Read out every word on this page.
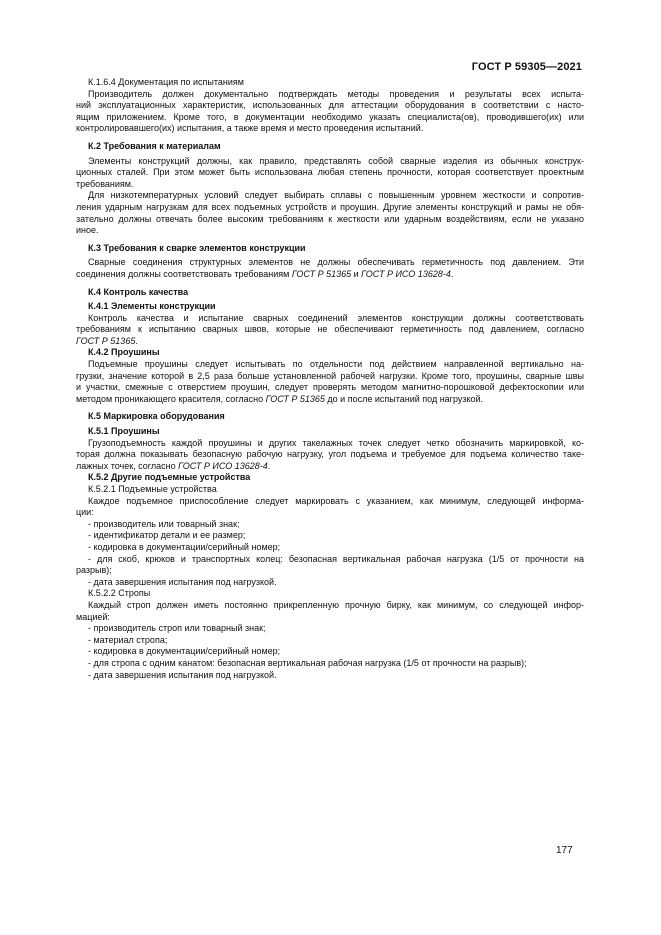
ГОСТ Р 59305—2021
К.1.6.4 Документация по испытаниям
Производитель должен документально подтверждать методы проведения и результаты всех испыта-
ний эксплуатационных характеристик, использованных для аттестации оборудования в соответствии с насто-
ящим приложением. Кроме того, в документации необходимо указать специалиста(ов), проводившего(их) или
контролировавшего(их) испытания, а также время и место проведения испытаний.
К.2 Требования к материалам
Элементы конструкций должны, как правило, представлять собой сварные изделия из обычных конструк-
ционных сталей. При этом может быть использована любая степень прочности, которая соответствует проектным
требованиям.
Для низкотемпературных условий следует выбирать сплавы с повышенным уровнем жесткости и сопротив-
ления ударным нагрузкам для всех подъемных устройств и проушин. Другие элементы конструкций и рамы не обя-
зательно должны отвечать более высоким требованиям к жесткости или ударным воздействиям, если не указано
иное.
К.3 Требования к сварке элементов конструкции
Сварные соединения структурных элементов не должны обеспечивать герметичность под давлением. Эти
соединения должны соответствовать требованиям ГОСТ Р 51365 и ГОСТ Р ИСО 13628-4.
К.4 Контроль качества
К.4.1 Элементы конструкции
Контроль качества и испытание сварных соединений элементов конструкции должны соответствовать
требованиям к испытанию сварных швов, которые не обеспечивают герметичность под давлением, согласно
ГОСТ Р 51365.
К.4.2 Проушины
Подъемные проушины следует испытывать по отдельности под действием направленной вертикально на-
грузки, значение которой в 2,5 раза больше установленной рабочей нагрузки. Кроме того, проушины, сварные швы
и участки, смежные с отверстием проушин, следует проверять методом магнитно-порошковой дефектоскопии или
методом проникающего красителя, согласно ГОСТ Р 51365 до и после испытаний под нагрузкой.
К.5 Маркировка оборудования
К.5.1 Проушины
Грузоподъемность каждой проушины и других такелажных точек следует четко обозначить маркировкой, ко-
торая должна показывать безопасную рабочую нагрузку, угол подъема и требуемое для подъема количество таке-
лажных точек, согласно ГОСТ Р ИСО 13628-4.
К.5.2 Другие подъемные устройства
К.5.2.1 Подъемные устройства
Каждое подъемное приспособление следует маркировать с указанием, как минимум, следующей информа-
ции:
- производитель или товарный знак;
- идентификатор детали и ее размер;
- кодировка в документации/серийный номер;
- для скоб, крюков и транспортных колец: безопасная вертикальная рабочая нагрузка (1/5 от прочности на
разрыв);
- дата завершения испытания под нагрузкой.
К.5.2.2 Стропы
Каждый строп должен иметь постоянно прикрепленную прочную бирку, как минимум, со следующей инфор-
мацией:
- производитель строп или товарный знак;
- материал стропа;
- кодировка в документации/серийный номер;
- для стропа с одним канатом: безопасная вертикальная рабочая нагрузка (1/5 от прочности на разрыв);
- дата завершения испытания под нагрузкой.
177
